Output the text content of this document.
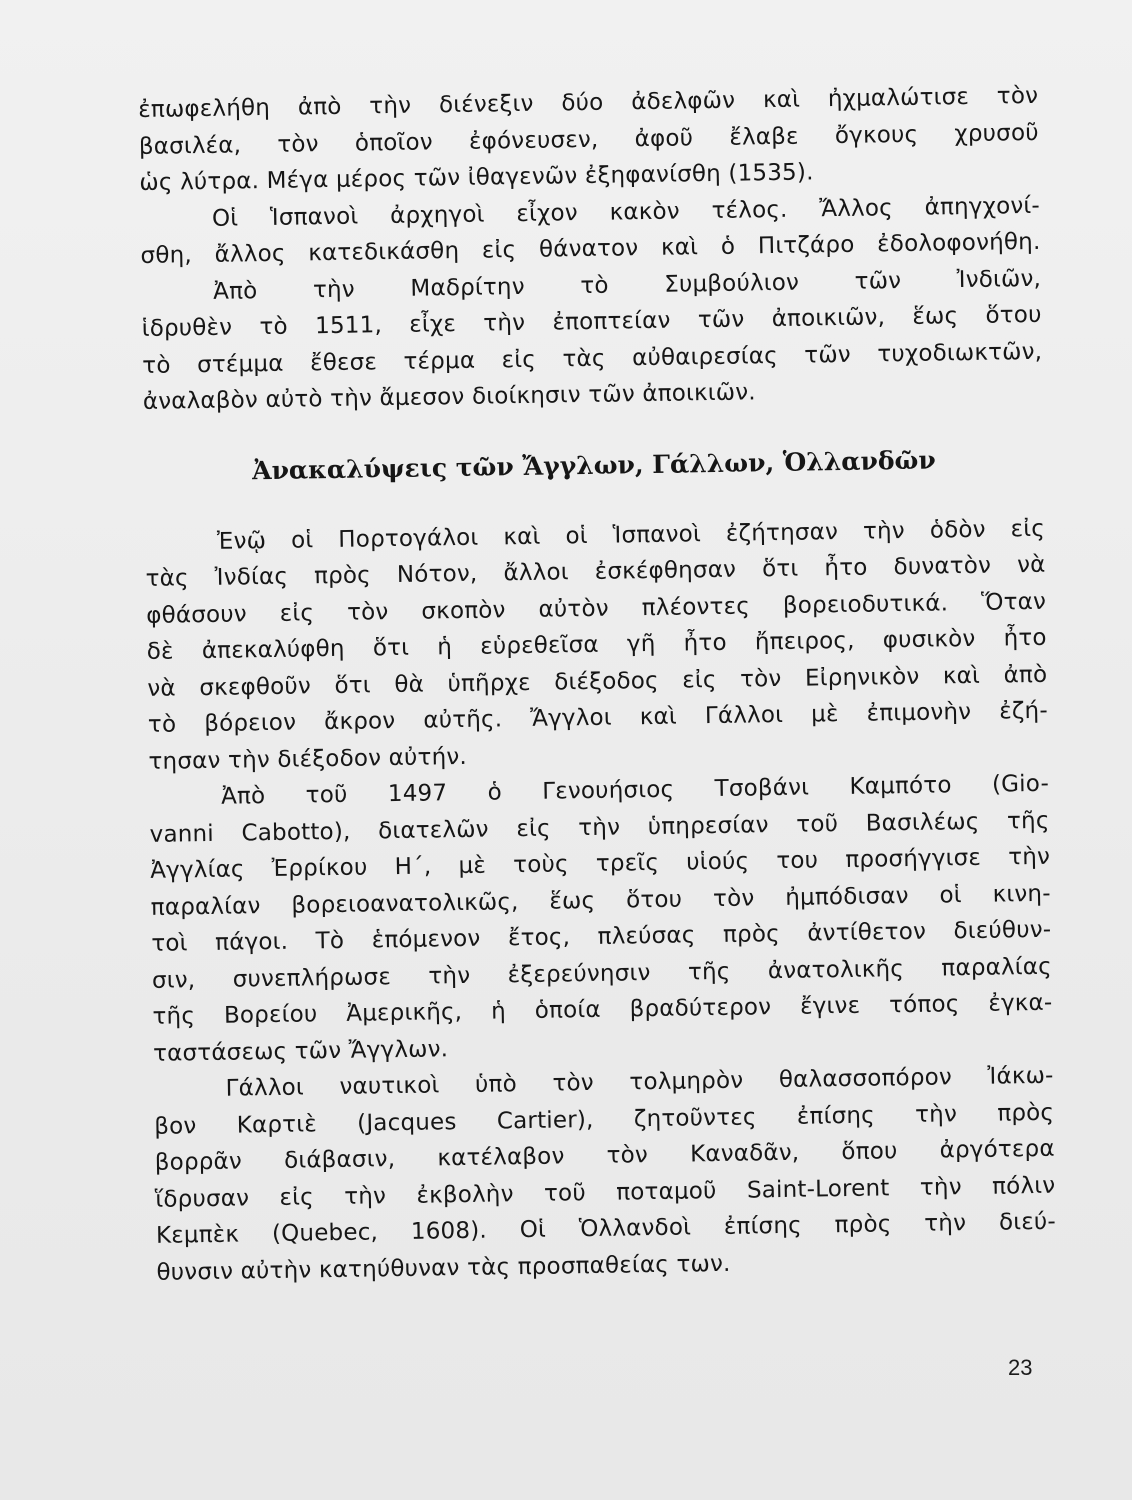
ἐπωφελήθη ἀπὸ τὴν διένεξιν δύο ἀδελφῶν καὶ ἠχμαλώτισε τὸν
βασιλέα, τὸν ὁποῖον ἐφόνευσεν, ἀφοῦ ἔλαβε ὄγκους χρυσοῦ
ὡς λύτρα. Μέγα μέρος τῶν ἰθαγενῶν ἐξηφανίσθη (1535).
Οἱ Ἱσπανοὶ ἀρχηγοὶ εἶχον κακὸν τέλος. Ἄλλος ἀπηγχονί-
σθη, ἄλλος κατεδικάσθη εἰς θάνατον καὶ ὁ Πιτζάρο ἐδολοφονήθη.
Ἀπὸ τὴν Μαδρίτην τὸ Συμβούλιον τῶν Ἰνδιῶν,
ἱδρυθὲν τὸ 1511, εἶχε τὴν ἐποπτείαν τῶν ἀποικιῶν, ἕως ὅτου
τὸ στέμμα ἔθεσε τέρμα εἰς τὰς αὐθαιρεσίας τῶν τυχοδιωκτῶν,
ἀναλαβὸν αὐτὸ τὴν ἄμεσον διοίκησιν τῶν ἀποικιῶν.
Ἀνακαλύψεις τῶν Ἄγγλων, Γάλλων, Ὁλλανδῶν
Ἐνῷ οἱ Πορτογάλοι καὶ οἱ Ἱσπανοὶ ἐζήτησαν τὴν ὁδὸν εἰς
τὰς Ἰνδίας πρὸς Νότον, ἄλλοι ἐσκέφθησαν ὅτι ἦτο δυνατὸν νὰ
φθάσουν εἰς τὸν σκοπὸν αὐτὸν πλέοντες βορειοδυτικά. Ὅταν
δὲ ἀπεκαλύφθη ὅτι ἡ εὑρεθεῖσα γῆ ἦτο ἤπειρος, φυσικὸν ἦτο
νὰ σκεφθοῦν ὅτι θὰ ὑπῆρχε διέξοδος εἰς τὸν Εἰρηνικὸν καὶ ἀπὸ
τὸ βόρειον ἄκρον αὐτῆς. Ἄγγλοι καὶ Γάλλοι μὲ ἐπιμονὴν ἐζή-
τησαν τὴν διέξοδον αὐτήν.
Ἀπὸ τοῦ 1497 ὁ Γενουήσιος Τσοβάνι Καμπότο (Gio-
vanni Cabotto), διατελῶν εἰς τὴν ὑπηρεσίαν τοῦ Βασιλέως τῆς
Ἀγγλίας Ἐρρίκου Η΄, μὲ τοὺς τρεῖς υἱούς του προσήγγισε τὴν
παραλίαν βορειοανατολικῶς, ἕως ὅτου τὸν ἠμπόδισαν οἱ κινη-
τοὶ πάγοι. Τὸ ἑπόμενον ἔτος, πλεύσας πρὸς ἀντίθετον διεύθυν-
σιν, συνεπλήρωσε τὴν ἐξερεύνησιν τῆς ἀνατολικῆς παραλίας
τῆς Βορείου Ἀμερικῆς, ἡ ὁποία βραδύτερον ἔγινε τόπος ἐγκα-
ταστάσεως τῶν Ἄγγλων.
Γάλλοι ναυτικοὶ ὑπὸ τὸν τολμηρὸν θαλασσοπόρον Ἰάκω-
βον Καρτιὲ (Jacques Cartier), ζητοῦντες ἐπίσης τὴν πρὸς
βορρᾶν διάβασιν, κατέλαβον τὸν Καναδᾶν, ὅπου ἀργότερα
ἵδρυσαν εἰς τὴν ἐκβολὴν τοῦ ποταμοῦ Saint-Lorent τὴν πόλιν
Κεμπὲκ (Quebec, 1608). Οἱ Ὁλλανδοὶ ἐπίσης πρὸς τὴν διεύ-
θυνσιν αὐτὴν κατηύθυναν τὰς προσπαθείας των.
23
